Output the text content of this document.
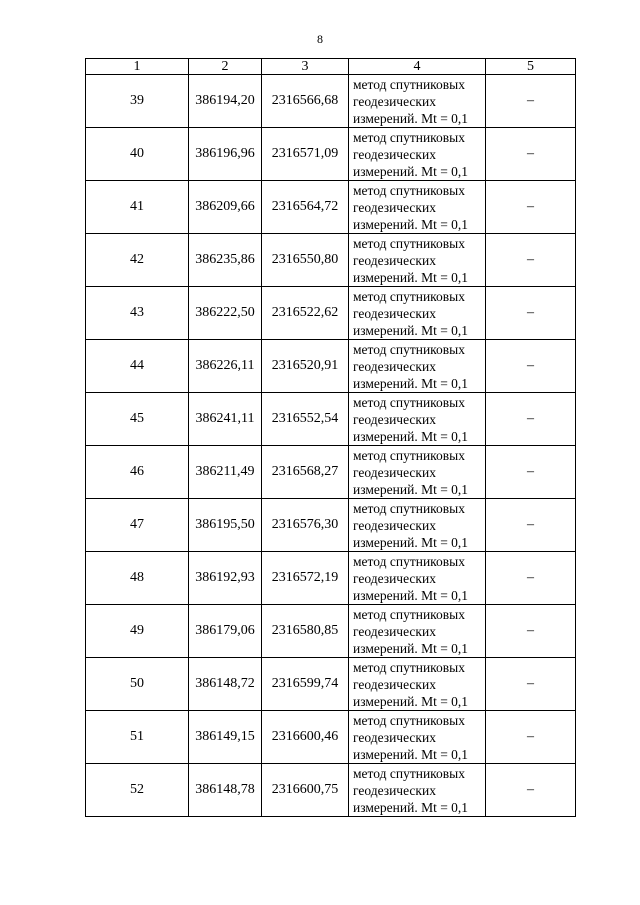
8
1	2	3	4	5
39	386194,20	2316566,68	метод спутниковых геодезических измерений. Mt = 0,1	–
40	386196,96	2316571,09	метод спутниковых геодезических измерений. Mt = 0,1	–
41	386209,66	2316564,72	метод спутниковых геодезических измерений. Mt = 0,1	–
42	386235,86	2316550,80	метод спутниковых геодезических измерений. Mt = 0,1	–
43	386222,50	2316522,62	метод спутниковых геодезических измерений. Mt = 0,1	–
44	386226,11	2316520,91	метод спутниковых геодезических измерений. Mt = 0,1	–
45	386241,11	2316552,54	метод спутниковых геодезических измерений. Mt = 0,1	–
46	386211,49	2316568,27	метод спутниковых геодезических измерений. Mt = 0,1	–
47	386195,50	2316576,30	метод спутниковых геодезических измерений. Mt = 0,1	–
48	386192,93	2316572,19	метод спутниковых геодезических измерений. Mt = 0,1	–
49	386179,06	2316580,85	метод спутниковых геодезических измерений. Mt = 0,1	–
50	386148,72	2316599,74	метод спутниковых геодезических измерений. Mt = 0,1	–
51	386149,15	2316600,46	метод спутниковых геодезических измерений. Mt = 0,1	–
52	386148,78	2316600,75	метод спутниковых геодезических измерений. Mt = 0,1	–
